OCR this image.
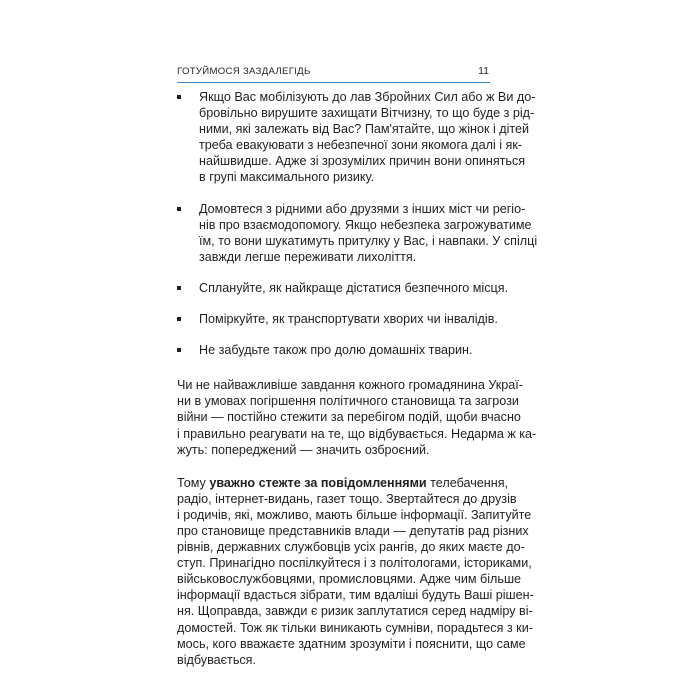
ГОТУЙМОСЯ ЗАЗДАЛЕГІДЬ	11
Якщо Вас мобілізують до лав Збройних Сил або ж Ви до-
бровільно вирушите захищати Вітчизну, то що буде з рід-
ними, які залежать від Вас? Пам'ятайте, що жінок і дітей
треба евакуювати з небезпечної зони якомога далі і як-
найшвидше. Адже зі зрозумілих причин вони опиняться
в групі максимального ризику.
Домовтеся з рідними або друзями з інших міст чи регіо-
нів про взаємодопомогу. Якщо небезпека загрожуватиме
їм, то вони шукатимуть притулку у Вас, і навпаки. У спілці
завжди легше переживати лихоліття.
Сплануйте, як найкраще дістатися безпечного місця.
Поміркуйте, як транспортувати хворих чи інвалідів.
Не забудьте також про долю домашніх тварин.

Чи не найважливіше завдання кожного громадянина Украї-
ни в умовах погіршення політичного становища та загрози
війни — постійно стежити за перебігом подій, щоби вчасно
і правильно реагувати на те, що відбувається. Недарма ж ка-
жуть: попереджений — значить озброєний.

Тому уважно стежте за повідомленнями телебачення,
радіо, інтернет-видань, газет тощо. Звертайтеся до друзів
і родичів, які, можливо, мають більше інформації. Запитуйте
про становище представників влади — депутатів рад різних
рівнів, державних службовців усіх рангів, до яких маєте до-
ступ. Принагідно поспілкуйтеся і з політологами, істориками,
військовослужбовцями, промисловцями. Адже чим більше
інформації вдасться зібрати, тим вдаліші будуть Ваші рішен-
ня. Щоправда, завжди є ризик заплутатися серед надміру ві-
домостей. Тож як тільки виникають сумніви, порадьтеся з ки-
мось, кого вважаєте здатним зрозуміти і пояснити, що саме
відбувається.
